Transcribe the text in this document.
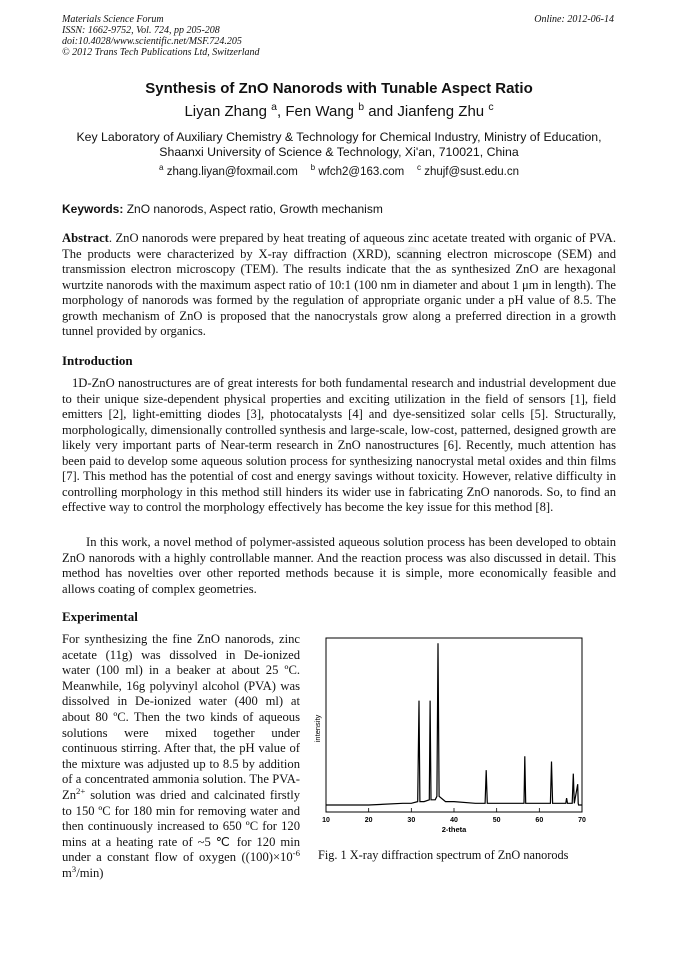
•
Materials Science Forum
ISSN: 1662-9752, Vol. 724, pp 205-208
doi:10.4028/www.scientific.net/MSF.724.205
© 2012 Trans Tech Publications Ltd, Switzerland
Online: 2012-06-14
Synthesis of ZnO Nanorods with Tunable Aspect Ratio
Liyan Zhang $^a$, Fen Wang $^b$ and Jianfeng Zhu $^c$
Key Laboratory of Auxiliary Chemistry & Technology for Chemical Industry, Ministry of Education,
Shaanxi University of Science & Technology, Xi'an, 710021, China
$^a$ zhang.liyan@foxmail.com $^b$ wfch2@163.com $^c$ zhujf@sust.edu.cn
Keywords: ZnO nanorods, Aspect ratio, Growth mechanism
Abstract. ZnO nanorods were prepared by heat treating of aqueous zinc acetate treated with organic of PVA. The products were characterized by X-ray diffraction (XRD), scanning electron microscope (SEM) and transmission electron microscopy (TEM). The results indicate that the as synthesized ZnO are hexagonal wurtzite nanorods with the maximum aspect ratio of 10:1 (100 nm in diameter and about 1 μm in length). The morphology of nanorods was formed by the regulation of appropriate organic under a pH value of 8.5. The growth mechanism of ZnO is proposed that the nanocrystals grow along a preferred direction in a growth tunnel provided by organics.
Introduction
1D-ZnO nanostructures are of great interests for both fundamental research and industrial development due to their unique size-dependent physical properties and exciting utilization in the field of sensors [1], field emitters [2], light-emitting diodes [3], photocatalysts [4] and dye-sensitized solar cells [5]. Structurally, morphologically, dimensionally controlled synthesis and large-scale, low-cost, patterned, designed growth are likely very important parts of Near-term research in ZnO nanostructures [6]. Recently, much attention has been paid to develop some aqueous solution process for synthesizing nanocrystal metal oxides and thin films [7]. This method has the potential of cost and energy savings without toxicity. However, relative difficulty in controlling morphology in this method still hinders its wider use in fabricating ZnO nanorods. So, to find an effective way to control the morphology effectively has become the key issue for this method [8].
In this work, a novel method of polymer-assisted aqueous solution process has been developed to obtain ZnO nanorods with a highly controllable manner. And the reaction process was also discussed in detail. This method has novelties over other reported methods because it is simple, more economically feasible and allows coating of complex geometries.
Experimental
For synthesizing the fine ZnO nanorods, zinc acetate (11g) was dissolved in De-ionized water (100 ml) in a beaker at about 25 ºC. Meanwhile, 16g polyvinyl alcohol (PVA) was dissolved in De-ionized water (400 ml) at about 80 ºC. Then the two kinds of aqueous solutions were mixed together under continuous stirring. After that, the pH value of the mixture was adjusted up to 8.5 by addition of a concentrated ammonia solution. The PVA-$Zn^{2+}$ solution was dried and calcinated firstly to 150 ºC for 180 min for removing water and then continuously increased to 650 ºC for 120 mins at a heating rate of ~5 ℃ for 120 min under a constant flow of oxygen ($(100)\times 10^{-6}$ $m^3/\min$)
10	20	30	40	50	60	70
2-theta
intensity
Fig. 1 X-ray diffraction spectrum of ZnO nanorods
